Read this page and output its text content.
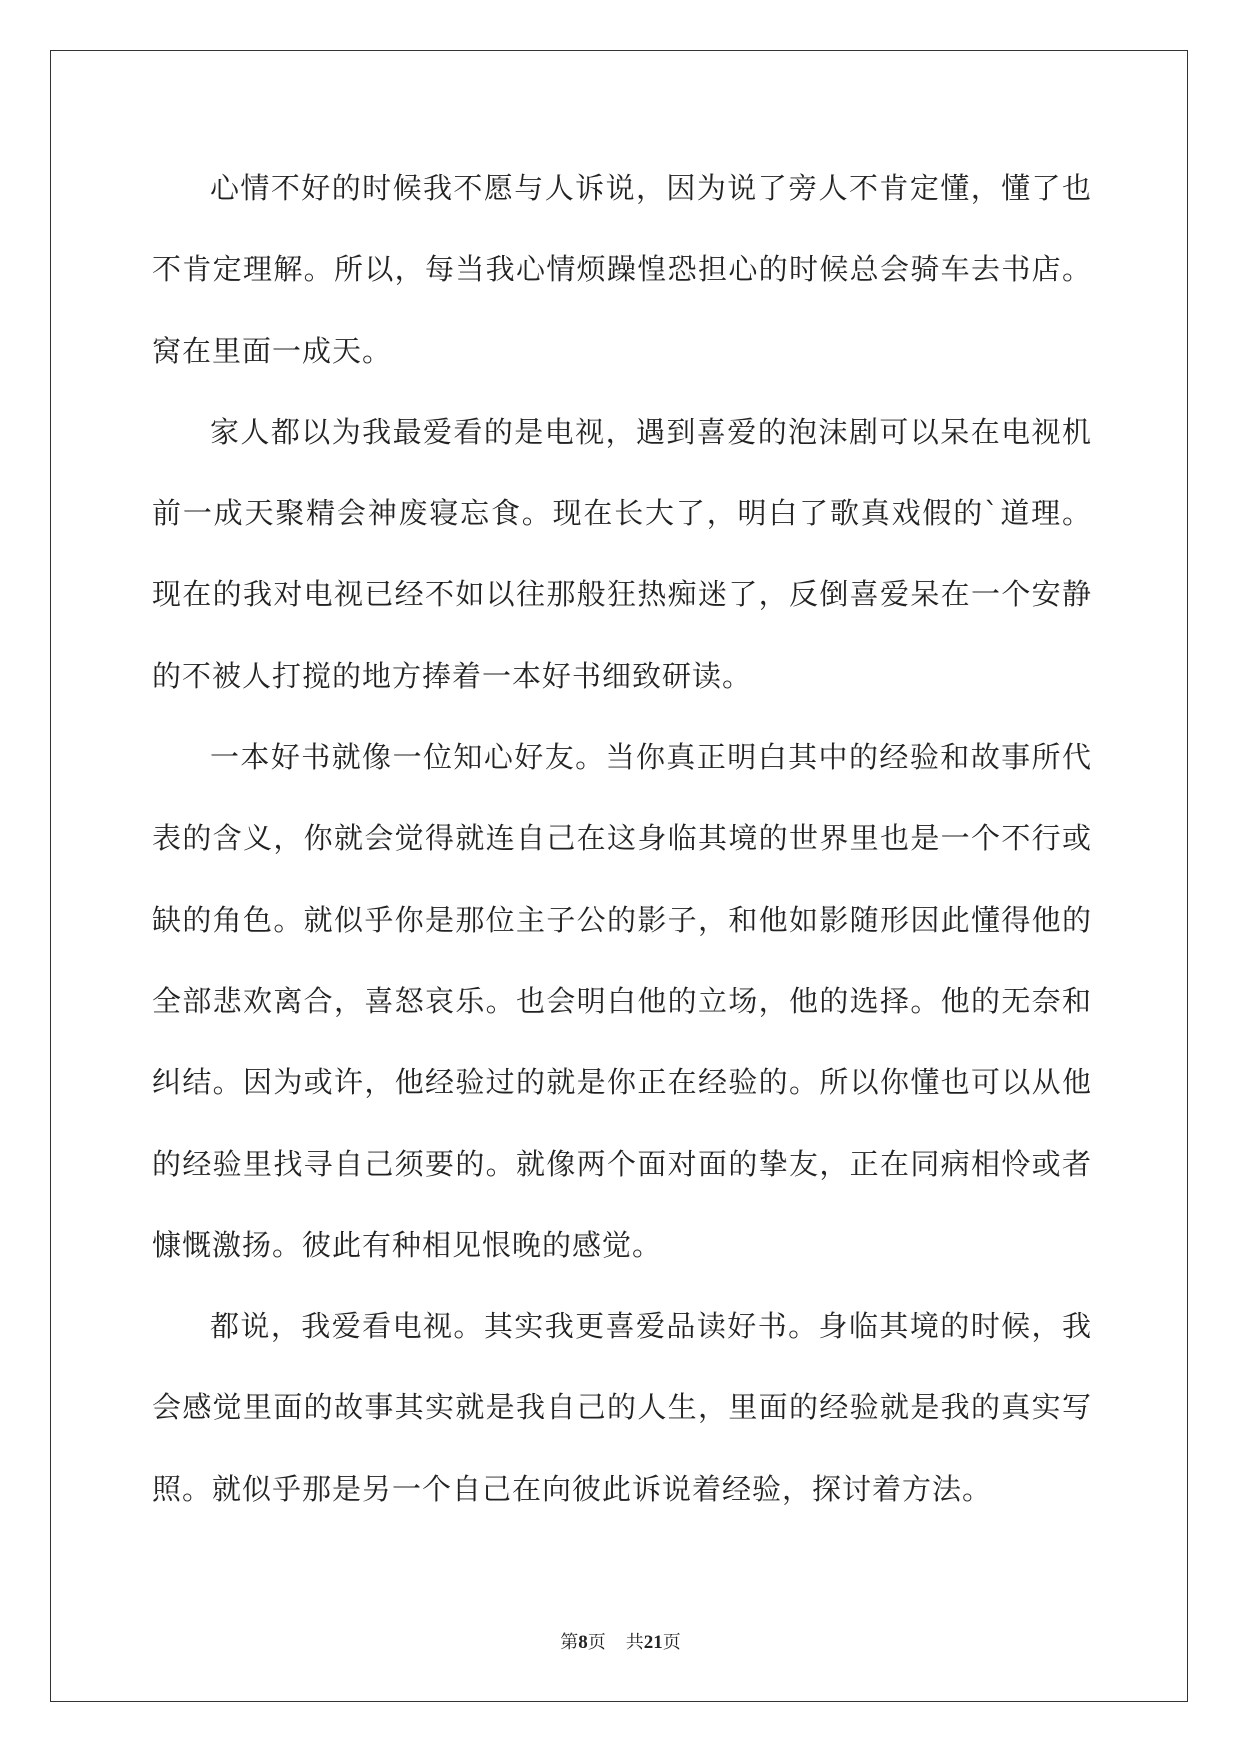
心情不好的时候我不愿与人诉说，因为说了旁人不肯定懂，懂了也不肯定理解。所以，每当我心情烦躁惶恐担心的时候总会骑车去书店。窝在里面一成天。

家人都以为我最爱看的是电视，遇到喜爱的泡沫剧可以呆在电视机前一成天聚精会神废寝忘食。现在长大了，明白了歌真戏假的`道理。现在的我对电视已经不如以往那般狂热痴迷了，反倒喜爱呆在一个安静的不被人打搅的地方捧着一本好书细致研读。

一本好书就像一位知心好友。当你真正明白其中的经验和故事所代表的含义，你就会觉得就连自己在这身临其境的世界里也是一个不行或缺的角色。就似乎你是那位主子公的影子，和他如影随形因此懂得他的全部悲欢离合，喜怒哀乐。也会明白他的立场，他的选择。他的无奈和纠结。因为或许，他经验过的就是你正在经验的。所以你懂也可以从他的经验里找寻自己须要的。就像两个面对面的挚友，正在同病相怜或者慷慨激扬。彼此有种相见恨晚的感觉。

都说，我爱看电视。其实我更喜爱品读好书。身临其境的时候，我会感觉里面的故事其实就是我自己的人生，里面的经验就是我的真实写照。就似乎那是另一个自己在向彼此诉说着经验，探讨着方法。

第8页 共21页
